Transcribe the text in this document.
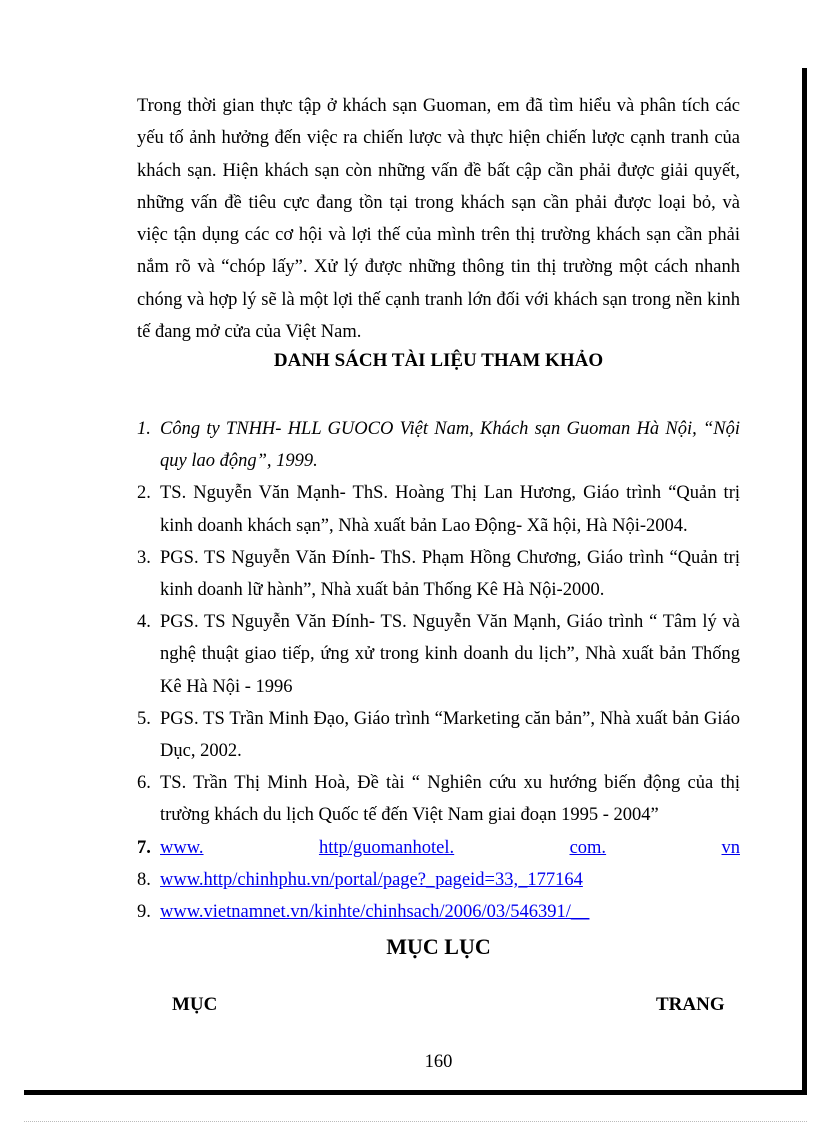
Trong thời gian thực tập ở khách sạn Guoman, em đã tìm hiểu và phân tích các yếu tố ảnh hưởng đến việc ra chiến lược và thực hiện chiến lược cạnh tranh của khách sạn. Hiện khách sạn còn những vấn đề bất cập cần phải được giải quyết, những vấn đề tiêu cực đang tồn tại trong khách sạn cần phải được loại bỏ, và việc tận dụng các cơ hội và lợi thế của mình trên thị trường khách sạn cần phải nắm rõ và “chóp lấy”. Xử lý được những thông tin thị trường một cách nhanh chóng và hợp lý sẽ là một lợi thế cạnh tranh lớn đối với khách sạn trong nền kinh tế đang mở cửa của Việt Nam.

DANH SÁCH TÀI LIỆU THAM KHẢO
1. Công ty TNHH- HLL GUOCO Việt Nam, Khách sạn Guoman Hà Nội, “Nội quy lao động”, 1999.
2. TS. Nguyễn Văn Mạnh- ThS. Hoàng Thị Lan Hương, Giáo trình “Quản trị kinh doanh khách sạn”, Nhà xuất bản Lao Động- Xã hội, Hà Nội-2004.
3. PGS. TS Nguyễn Văn Đính- ThS. Phạm Hồng Chương, Giáo trình “Quản trị kinh doanh lữ hành”, Nhà xuất bản Thống Kê Hà Nội-2000.
4. PGS. TS Nguyễn Văn Đính- TS. Nguyễn Văn Mạnh, Giáo trình “ Tâm lý và nghệ thuật giao tiếp, ứng xử trong kinh doanh du lịch”, Nhà xuất bản Thống Kê Hà Nội - 1996
5. PGS. TS Trần Minh Đạo, Giáo trình “Marketing căn bản”, Nhà xuất bản Giáo Dục, 2002.
6. TS. Trần Thị Minh Hoà, Đề tài “ Nghiên cứu xu hướng biến động của thị trường khách du lịch Quốc tế đến Việt Nam giai đoạn 1995 - 2004”
7. www.	http/guomanhotel.	com.	vn
8. www.http/chinhphu.vn/portal/page?_pageid=33,_177164
9. www.vietnamnet.vn/kinhte/chinhsach/2006/03/546391/__
MỤC LỤC

MỤC	TRANG

160
